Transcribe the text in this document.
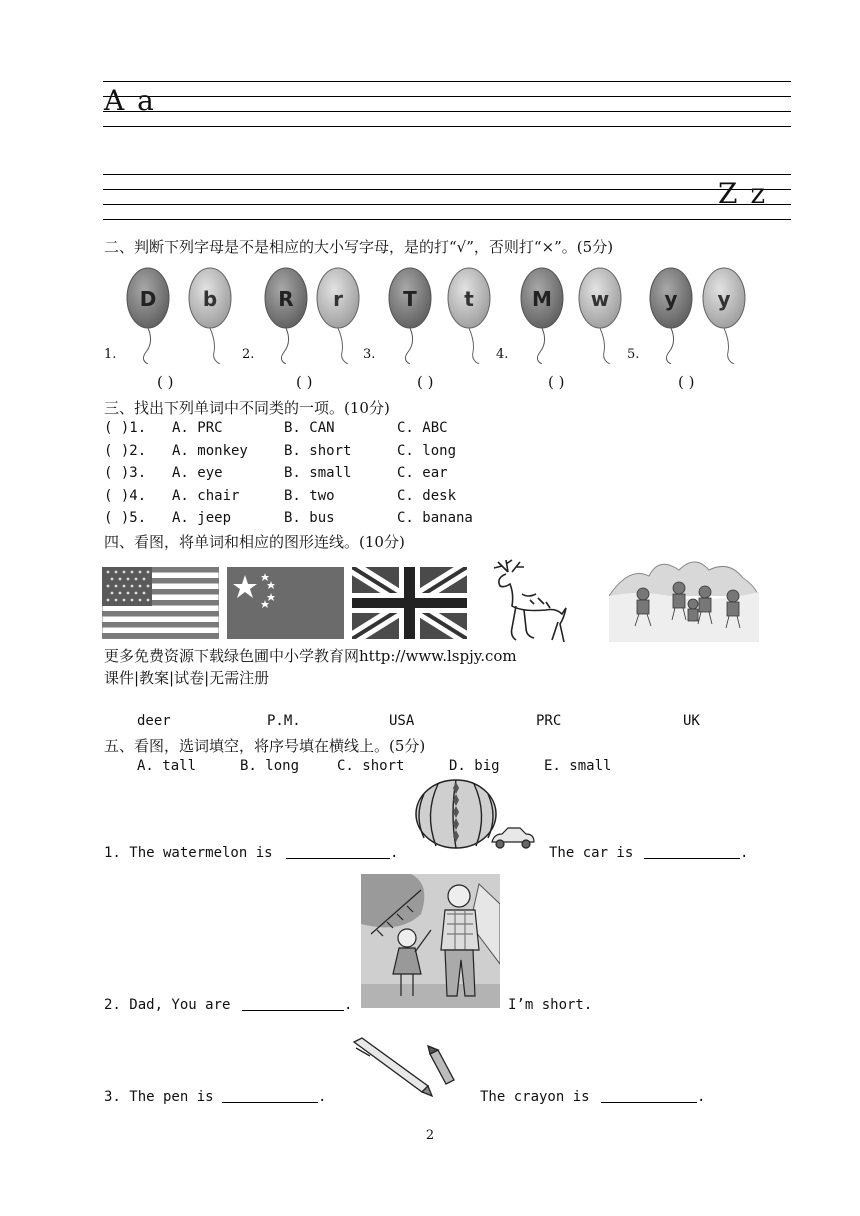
A a
Z z
二、判断下列字母是不是相应的大小写字母，是的打“√”，否则打“×”。(5分)
D b	R r	T t	M w	y y
1.	2.	3.	4.	5.
( )	( )	( )	( )	( )
三、找出下列单词中不同类的一项。(10分)
( )1. A. PRC	B. CAN	C. ABC
( )2. A. monkey	B. short	C. long
( )3. A. eye	B. small	C. ear
( )4. A. chair	B. two	C. desk
( )5. A. jeep	B. bus	C. banana
四、看图，将单词和相应的图形连线。(10分)
更多免费资源下载绿色圃中小学教育网http://www.lspjy.com
课件|教案|试卷|无需注册
deer	P.M.	USA	PRC	UK
五、看图，选词填空，将序号填在横线上。(5分)
A. tall	B. long	C. short	D. big	E. small
1. The watermelon is	.	The car is	.
2. Dad, You are	.	I’m short.
3. The pen is	.	The crayon is	.
2
